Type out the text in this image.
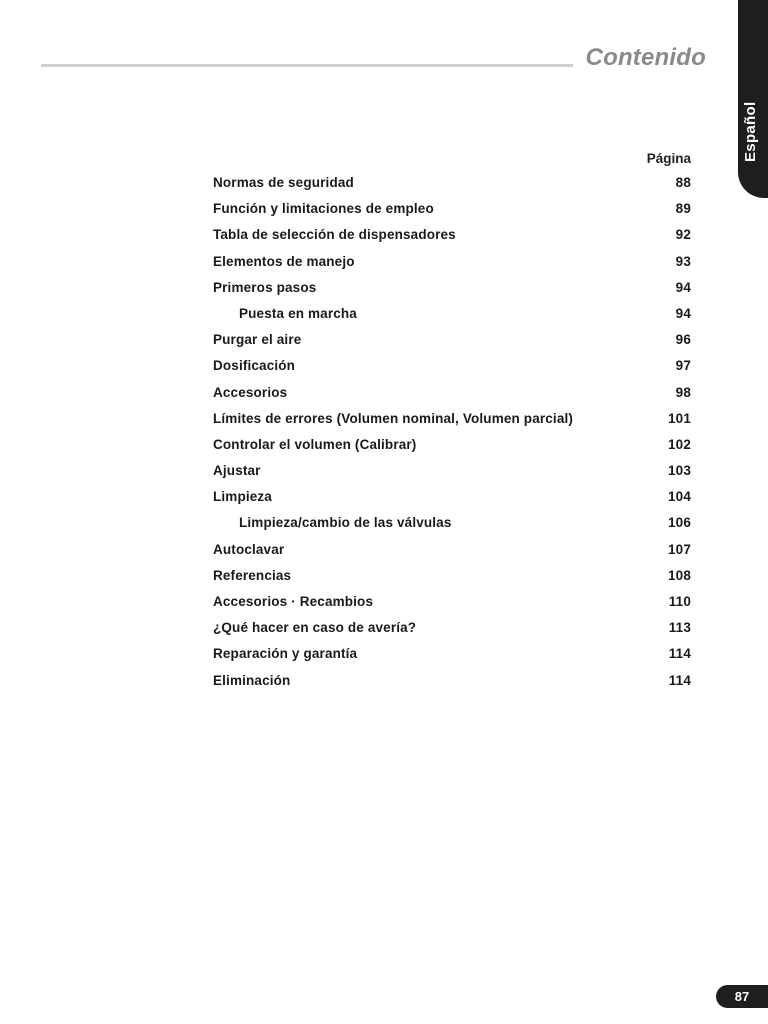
Contenido
Español
Página
Normas de seguridad	88
Función y limitaciones de empleo	89
Tabla de selección de dispensadores	92
Elementos de manejo	93
Primeros pasos	94
Puesta en marcha	94
Purgar el aire	96
Dosificación	97
Accesorios	98
Límites de errores (Volumen nominal, Volumen parcial)	101
Controlar el volumen (Calibrar)	102
Ajustar	103
Limpieza	104
Limpieza/cambio de las válvulas	106
Autoclavar	107
Referencias	108
Accesorios · Recambios	110
¿Qué hacer en caso de avería?	113
Reparación y garantía	114
Eliminación	114
87
